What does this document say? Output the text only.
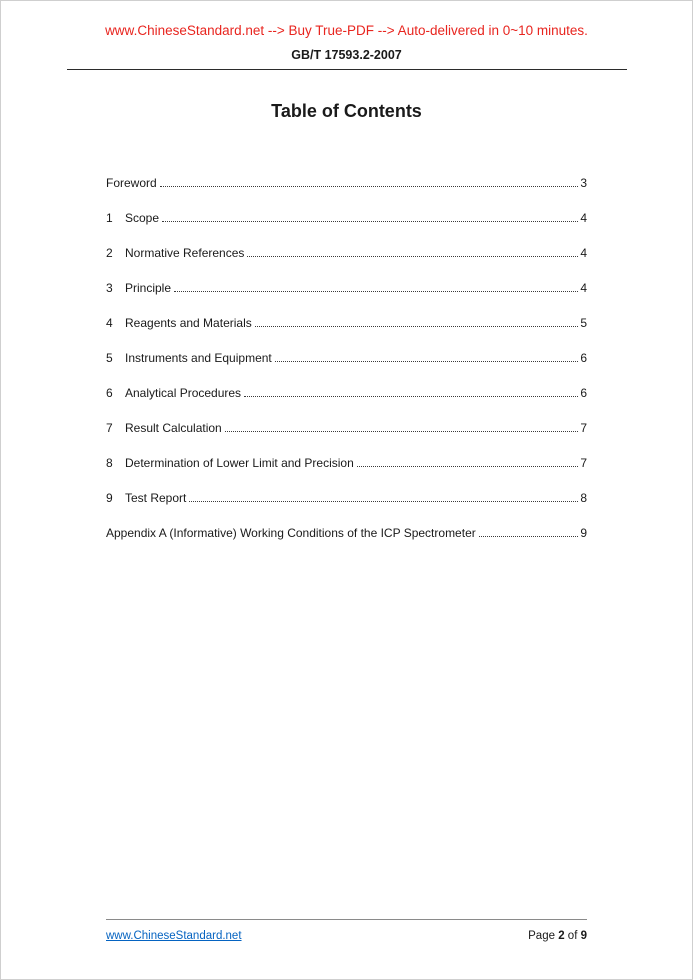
www.ChineseStandard.net --> Buy True-PDF --> Auto-delivered in 0~10 minutes.
GB/T 17593.2-2007
Table of Contents
Foreword	3
1	Scope	4
2	Normative References	4
3	Principle	4
4	Reagents and Materials	5
5	Instruments and Equipment	6
6	Analytical Procedures	6
7	Result Calculation	7
8	Determination of Lower Limit and Precision	7
9	Test Report	8
Appendix A (Informative) Working Conditions of the ICP Spectrometer	9
www.ChineseStandard.net	Page 2 of 9
